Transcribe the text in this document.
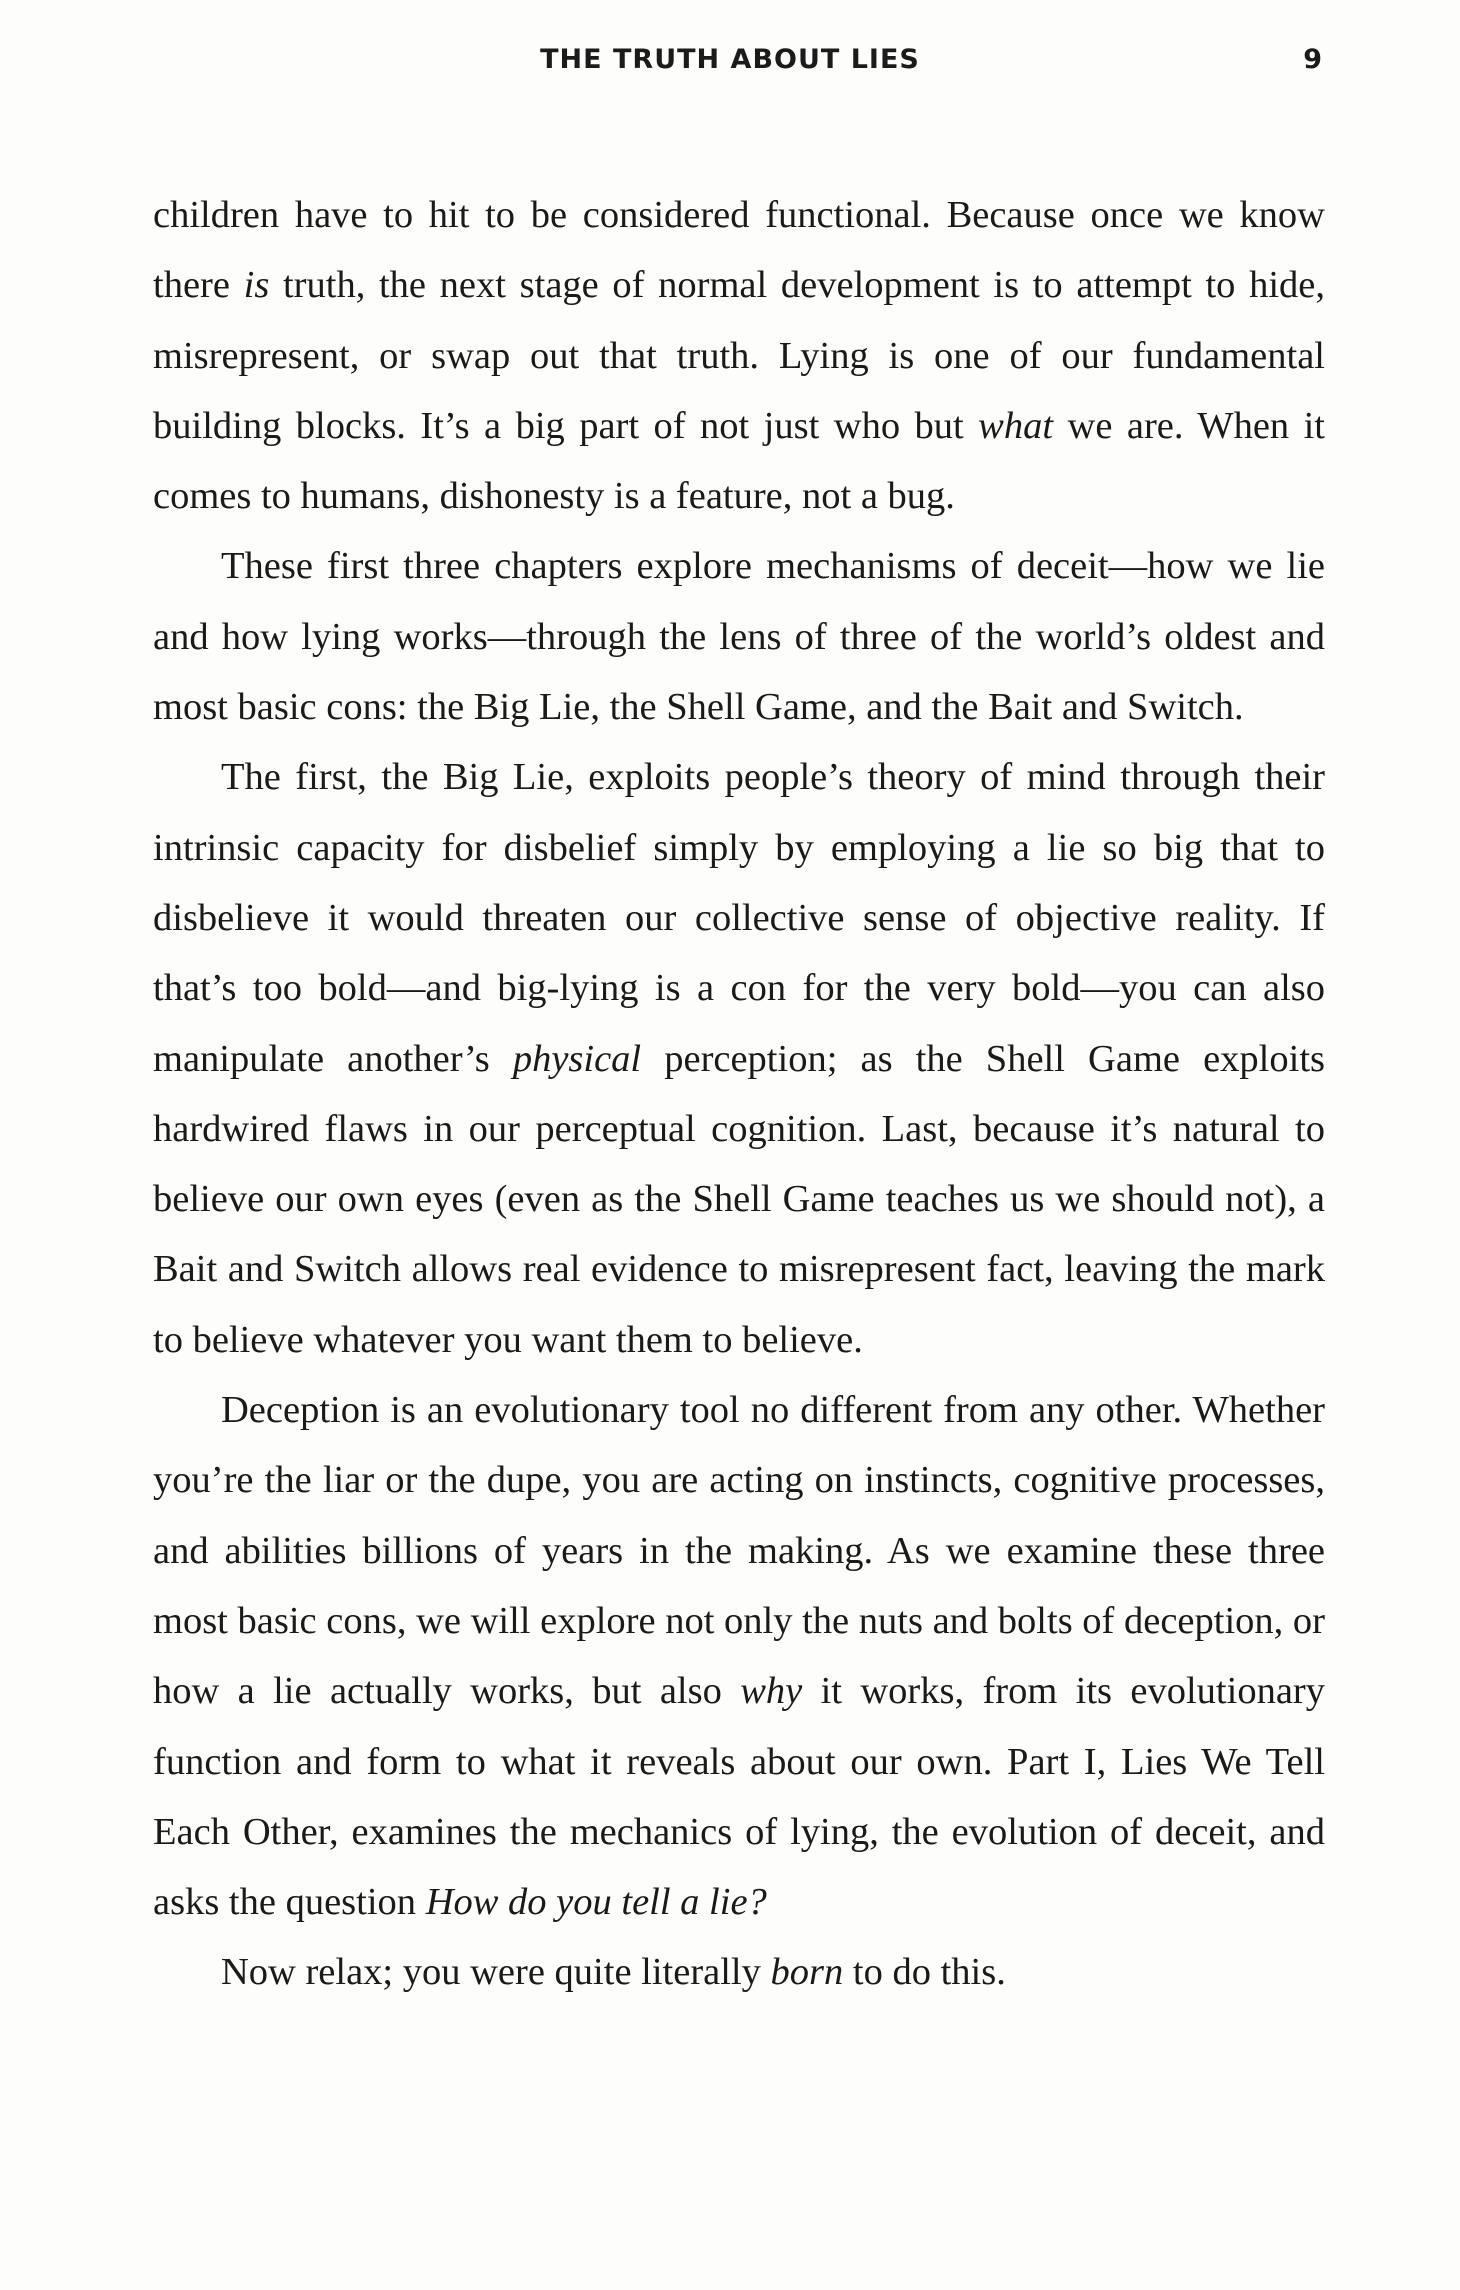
THE TRUTH ABOUT LIES	9

children have to hit to be considered functional. Because once we know there is truth, the next stage of normal development is to attempt to hide, misrepresent, or swap out that truth. Lying is one of our fundamental building blocks. It’s a big part of not just who but what we are. When it comes to humans, dishonesty is a feature, not a bug.

These first three chapters explore mechanisms of deceit—how we lie and how lying works—through the lens of three of the world’s oldest and most basic cons: the Big Lie, the Shell Game, and the Bait and Switch.

The first, the Big Lie, exploits people’s theory of mind through their intrinsic capacity for disbelief simply by employing a lie so big that to disbelieve it would threaten our collective sense of objective reality. If that’s too bold—and big-lying is a con for the very bold—you can also manipulate another’s physical perception; as the Shell Game exploits hardwired flaws in our perceptual cognition. Last, because it’s natural to believe our own eyes (even as the Shell Game teaches us we should not), a Bait and Switch allows real evidence to misrepresent fact, leaving the mark to believe whatever you want them to believe.

Deception is an evolutionary tool no different from any other. Whether you’re the liar or the dupe, you are acting on instincts, cognitive processes, and abilities billions of years in the making. As we examine these three most basic cons, we will explore not only the nuts and bolts of deception, or how a lie actually works, but also why it works, from its evolutionary function and form to what it reveals about our own. Part I, Lies We Tell Each Other, examines the mechanics of lying, the evolution of deceit, and asks the question How do you tell a lie?

Now relax; you were quite literally born to do this.
